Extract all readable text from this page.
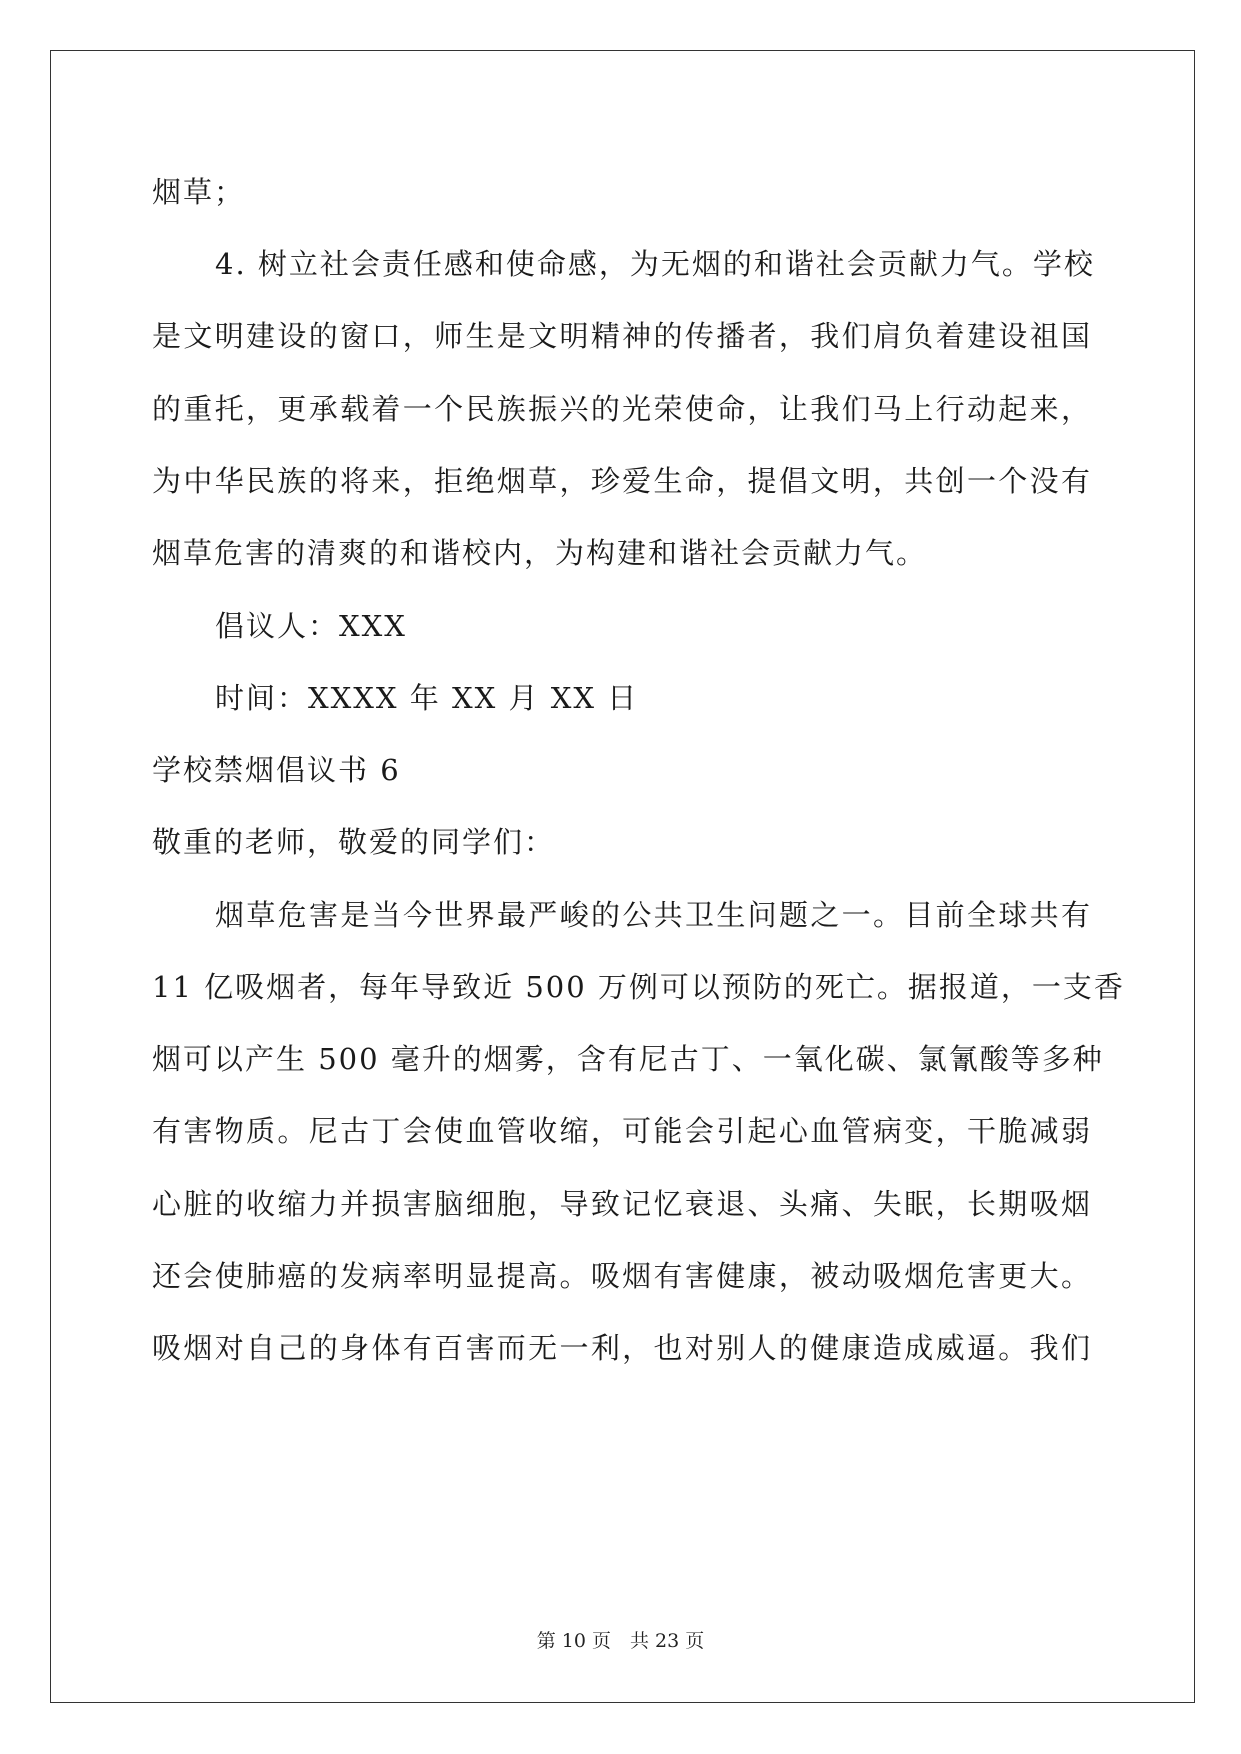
烟草；
4. 树立社会责任感和使命感，为无烟的和谐社会贡献力气。学校
是文明建设的窗口，师生是文明精神的传播者，我们肩负着建设祖国
的重托，更承载着一个民族振兴的光荣使命，让我们马上行动起来，
为中华民族的将来，拒绝烟草，珍爱生命，提倡文明，共创一个没有
烟草危害的清爽的和谐校内，为构建和谐社会贡献力气。
倡议人：XXX
时间：XXXX 年 XX 月 XX 日
学校禁烟倡议书 6
敬重的老师，敬爱的同学们：
烟草危害是当今世界最严峻的公共卫生问题之一。目前全球共有
11 亿吸烟者，每年导致近 500 万例可以预防的死亡。据报道，一支香
烟可以产生 500 毫升的烟雾，含有尼古丁、一氧化碳、氯氰酸等多种
有害物质。尼古丁会使血管收缩，可能会引起心血管病变，干脆减弱
心脏的收缩力并损害脑细胞，导致记忆衰退、头痛、失眠，长期吸烟
还会使肺癌的发病率明显提高。吸烟有害健康，被动吸烟危害更大。
吸烟对自己的身体有百害而无一利，也对别人的健康造成威逼。我们
第 10 页　共 23 页
